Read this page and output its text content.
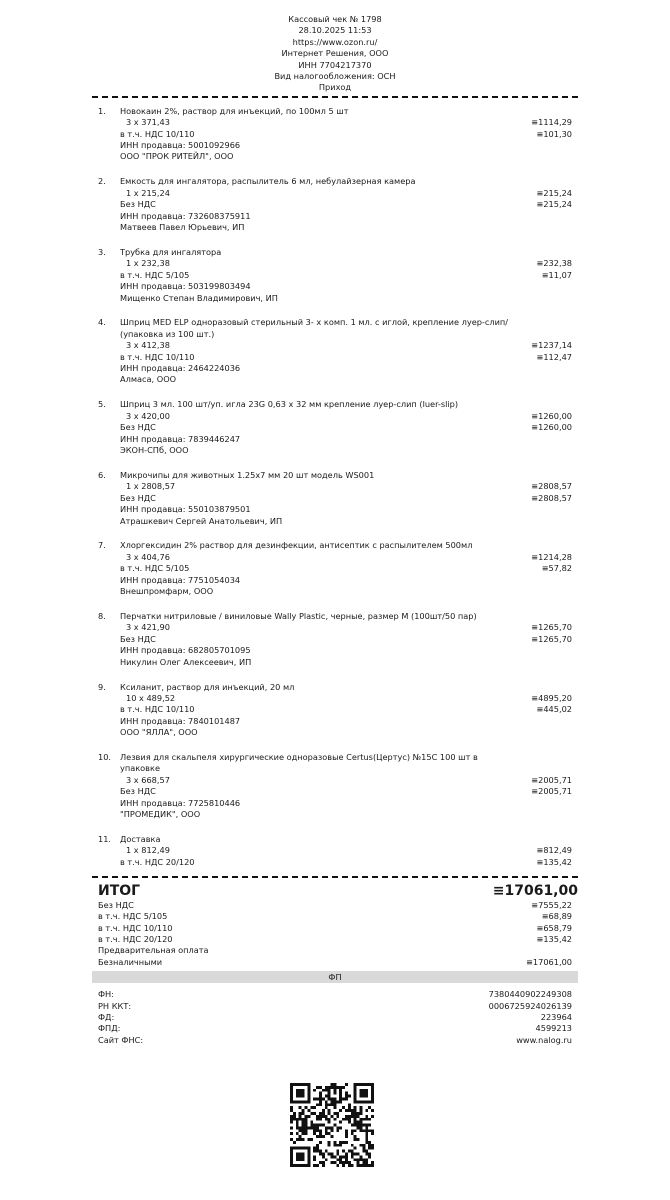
Кассовый чек № 1798
28.10.2025 11:53
https://www.ozon.ru/
Интернет Решения, ООО
ИНН 7704217370
Вид налогообложения: ОСН
Приход
1.	Новокаин 2%, раствор для инъекций, по 100мл 5 шт
3 x 371,43	≡1114,29
в т.ч. НДС 10/110	≡101,30
ИНН продавца: 5001092966
ООО "ПРОК РИТЕЙЛ", ООО
2.	Емкость для ингалятора, распылитель 6 мл, небулайзерная камера
1 x 215,24	≡215,24
Без НДС	≡215,24
ИНН продавца: 732608375911
Матвеев Павел Юрьевич, ИП
3.	Трубка для ингалятора
1 x 232,38	≡232,38
в т.ч. НДС 5/105	≡11,07
ИНН продавца: 503199803494
Мищенко Степан Владимирович, ИП
4.	Шприц MED ELP одноразовый стерильный 3- х комп. 1 мл. с иглой, крепление луер-слип/ (упаковка из 100 шт.)
3 x 412,38	≡1237,14
в т.ч. НДС 10/110	≡112,47
ИНН продавца: 2464224036
Алмаса, ООО
5.	Шприц 3 мл. 100 шт/уп. игла 23G 0,63 x 32 мм крепление луер-слип (luer-slip)
3 x 420,00	≡1260,00
Без НДС	≡1260,00
ИНН продавца: 7839446247
ЭКОН-СПб, ООО
6.	Микрочипы для животных 1.25x7 мм 20 шт модель WS001
1 x 2808,57	≡2808,57
Без НДС	≡2808,57
ИНН продавца: 550103879501
Атрашкевич Сергей Анатольевич, ИП
7.	Хлоргексидин 2% раствор для дезинфекции, антисептик с распылителем 500мл
3 x 404,76	≡1214,28
в т.ч. НДС 5/105	≡57,82
ИНН продавца: 7751054034
Внешпромфарм, ООО
8.	Перчатки нитриловые / виниловые Wally Plastic, черные, размер M (100шт/50 пар)
3 x 421,90	≡1265,70
Без НДС	≡1265,70
ИНН продавца: 682805701095
Никулин Олег Алексеевич, ИП
9.	Ксиланит, раствор для инъекций, 20 мл
10 x 489,52	≡4895,20
в т.ч. НДС 10/110	≡445,02
ИНН продавца: 7840101487
ООО "ЯЛЛА", ООО
10.	Лезвия для скальпеля хирургические одноразовые Certus(Цертус) №15С 100 шт в упаковке
3 x 668,57	≡2005,71
Без НДС	≡2005,71
ИНН продавца: 7725810446
"ПРОМЕДИК", ООО
11.	Доставка
1 x 812,49	≡812,49
в т.ч. НДС 20/120	≡135,42
ИТОГ	≡17061,00
Без НДС	≡7555,22
в т.ч. НДС 5/105	≡68,89
в т.ч. НДС 10/110	≡658,79
в т.ч. НДС 20/120	≡135,42
Предварительная оплата
Безналичными	≡17061,00
ФП
ФН:	7380440902249308
РН ККТ:	0006725924026139
ФД:	223964
ФПД:	4599213
Сайт ФНС:	www.nalog.ru
